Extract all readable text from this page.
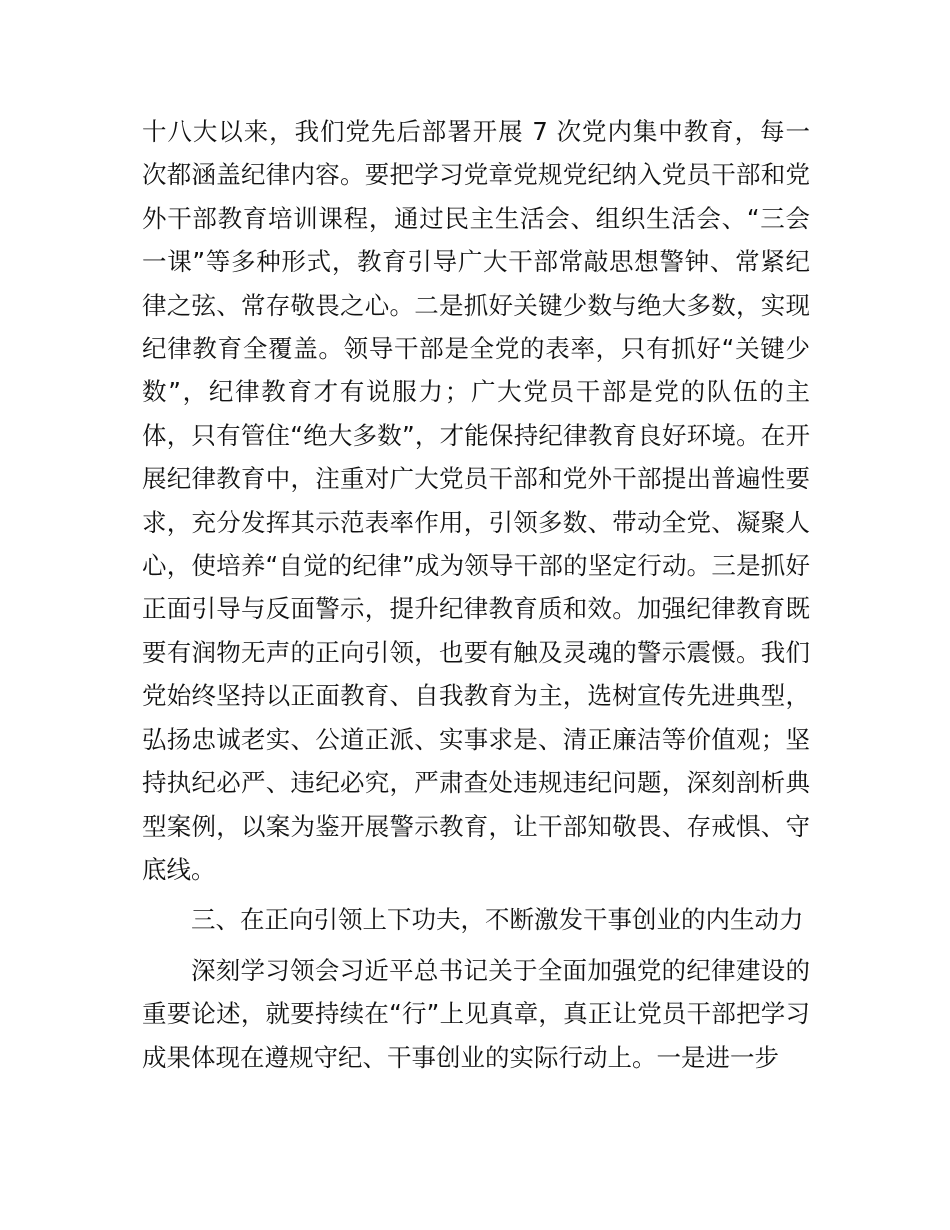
十八大以来，我们党先后部署开展 7 次党内集中教育，每一次都涵盖纪律内容。要把学习党章党规党纪纳入党员干部和党外干部教育培训课程，通过民主生活会、组织生活会、“三会一课”等多种形式，教育引导广大干部常敲思想警钟、常紧纪律之弦、常存敬畏之心。二是抓好关键少数与绝大多数，实现纪律教育全覆盖。领导干部是全党的表率，只有抓好“关键少数”，纪律教育才有说服力；广大党员干部是党的队伍的主体，只有管住“绝大多数”，才能保持纪律教育良好环境。在开展纪律教育中，注重对广大党员干部和党外干部提出普遍性要求，充分发挥其示范表率作用，引领多数、带动全党、凝聚人心，使培养“自觉的纪律”成为领导干部的坚定行动。三是抓好正面引导与反面警示，提升纪律教育质和效。加强纪律教育既要有润物无声的正向引领，也要有触及灵魂的警示震慑。我们党始终坚持以正面教育、自我教育为主，选树宣传先进典型，弘扬忠诚老实、公道正派、实事求是、清正廉洁等价值观；坚持执纪必严、违纪必究，严肃查处违规违纪问题，深刻剖析典型案例，以案为鉴开展警示教育，让干部知敬畏、存戒惧、守底线。

三、在正向引领上下功夫，不断激发干事创业的内生动力

深刻学习领会习近平总书记关于全面加强党的纪律建设的重要论述，就要持续在“行”上见真章，真正让党员干部把学习成果体现在遵规守纪、干事创业的实际行动上。一是进一步
